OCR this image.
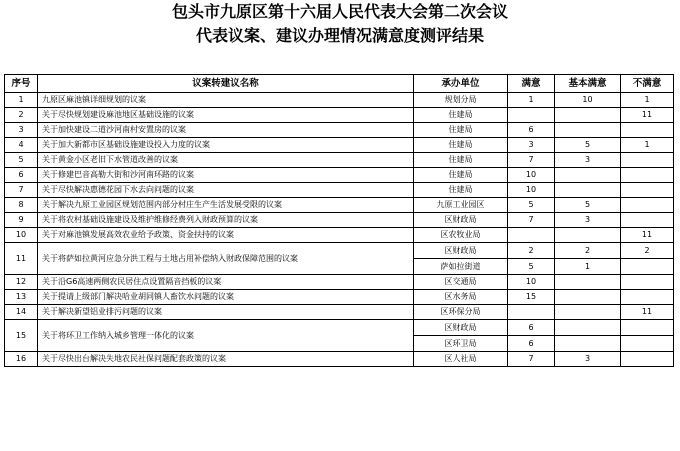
包头市九原区第十六届人民代表大会第二次会议
代表议案、建议办理情况满意度测评结果
序号	议案转建议名称	承办单位	满意	基本满意	不满意
1	九原区麻池镇详细规划的议案	规划分局	1	10	1
2	关于尽快规划建设麻池地区基础设施的议案	住建局			11
3	关于加快建设二道沙河南村安置房的议案	住建局	6		
4	关于加大新都市区基础设施建设投入力度的议案	住建局	3	5	1
5	关于黄金小区老旧下水管道改善的议案	住建局	7	3	
6	关于修建巴音高勒大街和沙河南环路的议案	住建局	10		
7	关于尽快解决惠德花园下水去向问题的议案	住建局	10		
8	关于解决九原工业园区规划范围内部分村庄生产生活发展受限的议案	九原工业园区	5	5	
9	关于将农村基础设施建设及维护维修经费列入财政预算的议案	区财政局	7	3	
10	关于对麻池镇发展高效农业给予政策、资金扶持的议案	区农牧业局			11
11	关于将萨如拉黄河应急分洪工程与土地占用补偿纳入财政保障范围的议案	区财政局	2	2	2
		萨如拉街道	5	1	
12	关于沿G6高速两侧农民居住点设置隔音挡板的议案	区交通局	10		
13	关于提请上级部门解决哈业胡同镇人畜饮水问题的议案	区水务局	15		
14	关于解决新望铝业排污问题的议案	区环保分局			11
15	关于将环卫工作纳入城乡管理一体化的议案	区财政局	6		
		区环卫局	6		
16	关于尽快出台解决失地农民社保问题配套政策的议案	区人社局	7	3	
